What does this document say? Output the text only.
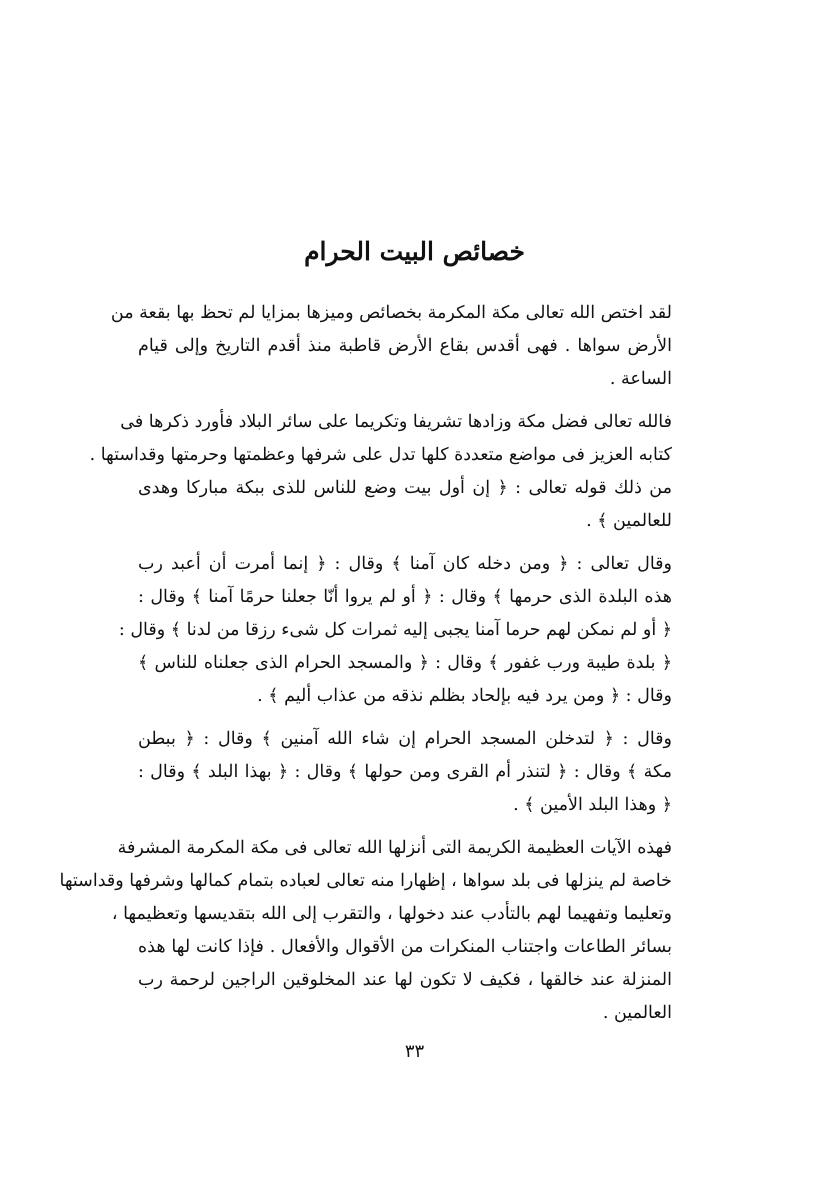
خصائص البيت الحرام

لقد اختص الله تعالى مكة المكرمة بخصائص وميزها بمزايا لم تحظ بها بقعة من
الأرض سواها . فهى أقدس بقاع الأرض قاطبة منذ أقدم التاريخ وإلى قيام
الساعة .

فالله تعالى فضل مكة وزادها تشريفا وتكريما على سائر البلاد فأورد ذكرها فى
كتابه العزيز فى مواضع متعددة كلها تدل على شرفها وعظمتها وحرمتها وقداستها .
من ذلك قوله تعالى : ﴿ إن أول بيت وضع للناس للذى ببكة مباركا وهدى
للعالمين ﴾ .

وقال تعالى : ﴿ ومن دخله كان آمنا ﴾ وقال : ﴿ إنما أمرت أن أعبد رب
هذه البلدة الذى حرمها ﴾ وقال : ﴿ أو لم يروا أنّا جعلنا حرمًا آمنا ﴾ وقال :
﴿ أو لم نمكن لهم حرما آمنا يجبى إليه ثمرات كل شىء رزقا من لدنا ﴾ وقال :
﴿ بلدة طيبة ورب غفور ﴾ وقال : ﴿ والمسجد الحرام الذى جعلناه للناس ﴾
وقال : ﴿ ومن يرد فيه بإلحاد بظلم نذقه من عذاب أليم ﴾ .

وقال : ﴿ لتدخلن المسجد الحرام إن شاء الله آمنين ﴾ وقال : ﴿ ببطن
مكة ﴾ وقال : ﴿ لتنذر أم القرى ومن حولها ﴾ وقال : ﴿ بهذا البلد ﴾ وقال :
﴿ وهذا البلد الأمين ﴾ .

فهذه الآيات العظيمة الكريمة التى أنزلها الله تعالى فى مكة المكرمة المشرفة
خاصة لم ينزلها فى بلد سواها ، إظهارا منه تعالى لعباده بتمام كمالها وشرفها وقداستها
وتعليما وتفهيما لهم بالتأدب عند دخولها ، والتقرب إلى الله بتقديسها وتعظيمها ،
بسائر الطاعات واجتناب المنكرات من الأقوال والأفعال . فإذا كانت لها هذه
المنزلة عند خالقها ، فكيف لا تكون لها عند المخلوقين الراجين لرحمة رب
العالمين .

٣٣
